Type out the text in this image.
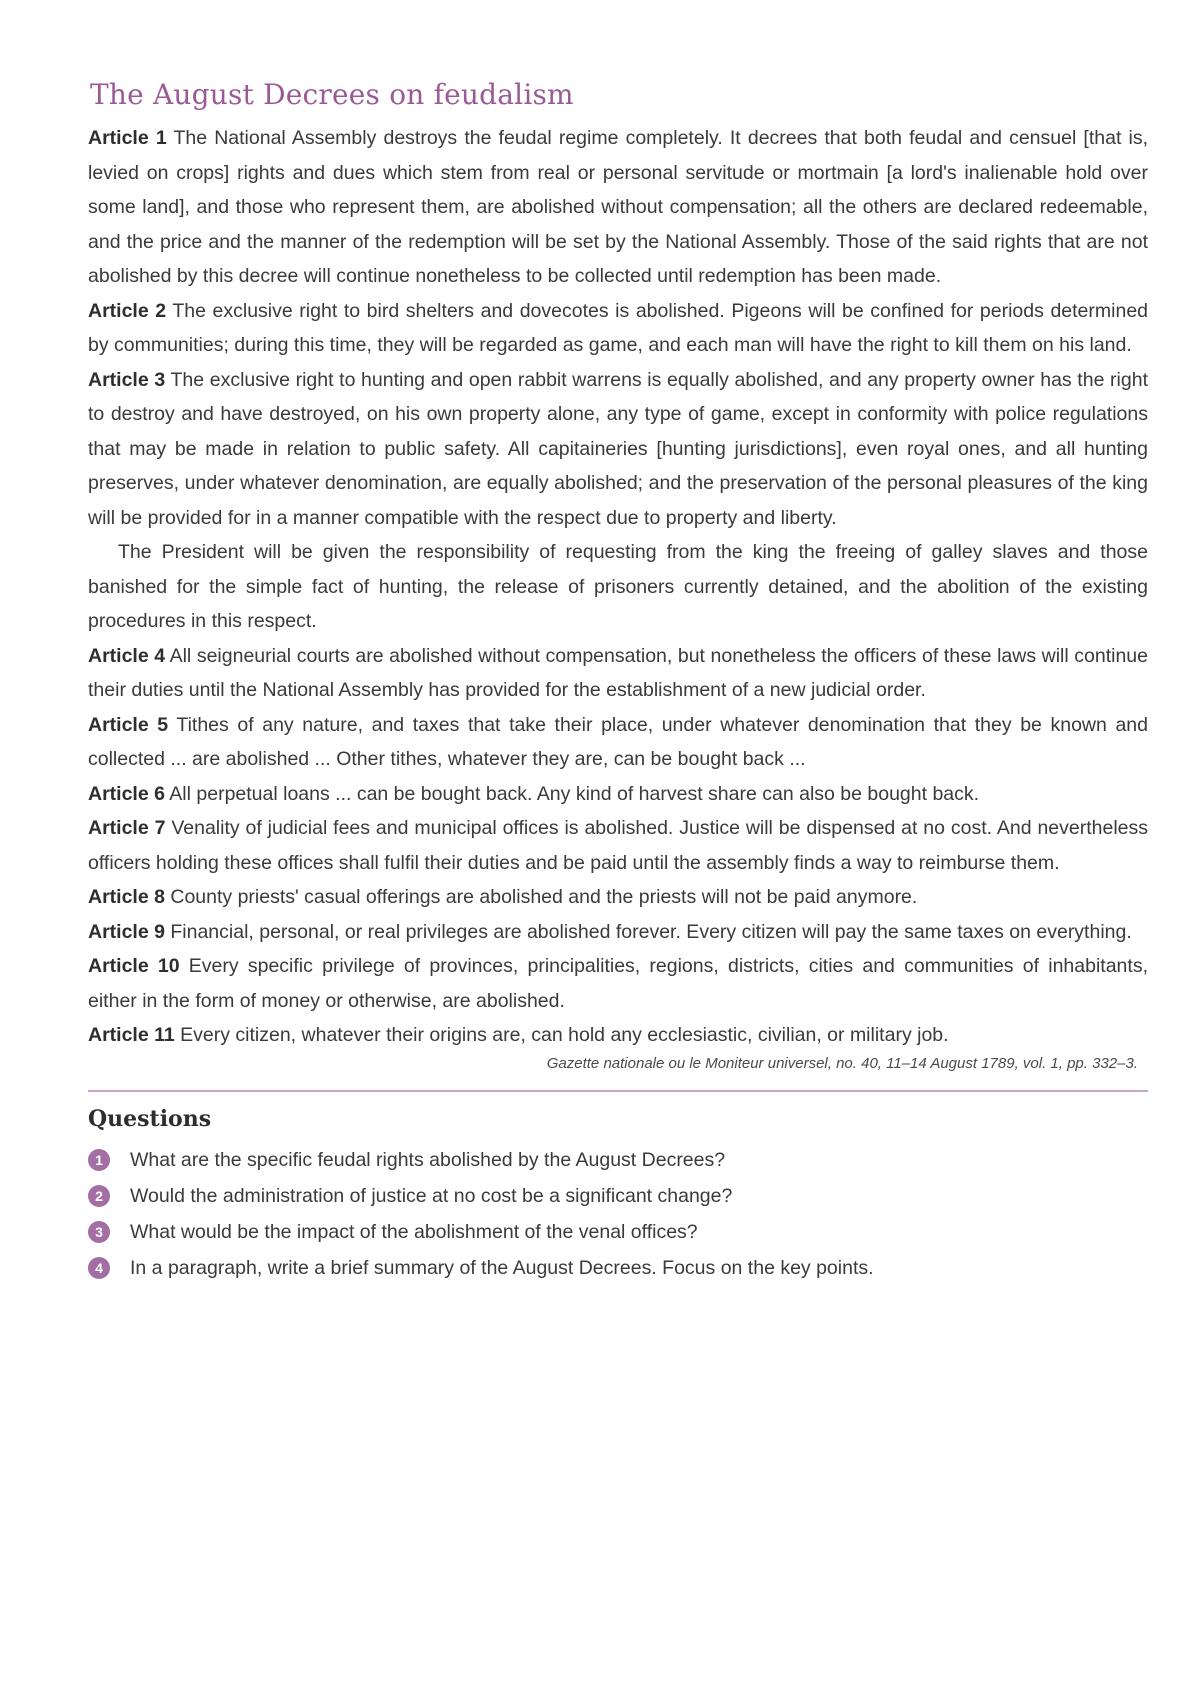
The August Decrees on feudalism

Article 1 The National Assembly destroys the feudal regime completely. It decrees that both feudal and censuel [that is, levied on crops] rights and dues which stem from real or personal servitude or mortmain [a lord's inalienable hold over some land], and those who represent them, are abolished without compensation; all the others are declared redeemable, and the price and the manner of the redemption will be set by the National Assembly. Those of the said rights that are not abolished by this decree will continue nonetheless to be collected until redemption has been made.

Article 2 The exclusive right to bird shelters and dovecotes is abolished. Pigeons will be confined for periods determined by communities; during this time, they will be regarded as game, and each man will have the right to kill them on his land.

Article 3 The exclusive right to hunting and open rabbit warrens is equally abolished, and any property owner has the right to destroy and have destroyed, on his own property alone, any type of game, except in conformity with police regulations that may be made in relation to public safety. All capitaineries [hunting jurisdictions], even royal ones, and all hunting preserves, under whatever denomination, are equally abolished; and the preservation of the personal pleasures of the king will be provided for in a manner compatible with the respect due to property and liberty.

The President will be given the responsibility of requesting from the king the freeing of galley slaves and those banished for the simple fact of hunting, the release of prisoners currently detained, and the abolition of the existing procedures in this respect.

Article 4 All seigneurial courts are abolished without compensation, but nonetheless the officers of these laws will continue their duties until the National Assembly has provided for the establishment of a new judicial order.

Article 5 Tithes of any nature, and taxes that take their place, under whatever denomination that they be known and collected ... are abolished ... Other tithes, whatever they are, can be bought back ...

Article 6 All perpetual loans ... can be bought back. Any kind of harvest share can also be bought back.

Article 7 Venality of judicial fees and municipal offices is abolished. Justice will be dispensed at no cost. And nevertheless officers holding these offices shall fulfil their duties and be paid until the assembly finds a way to reimburse them.

Article 8 County priests' casual offerings are abolished and the priests will not be paid anymore.

Article 9 Financial, personal, or real privileges are abolished forever. Every citizen will pay the same taxes on everything.

Article 10 Every specific privilege of provinces, principalities, regions, districts, cities and communities of inhabitants, either in the form of money or otherwise, are abolished.

Article 11 Every citizen, whatever their origins are, can hold any ecclesiastic, civilian, or military job.

Gazette nationale ou le Moniteur universel, no. 40, 11–14 August 1789, vol. 1, pp. 332–3.

Questions
1	What are the specific feudal rights abolished by the August Decrees?
2	Would the administration of justice at no cost be a significant change?
3	What would be the impact of the abolishment of the venal offices?
4	In a paragraph, write a brief summary of the August Decrees. Focus on the key points.
